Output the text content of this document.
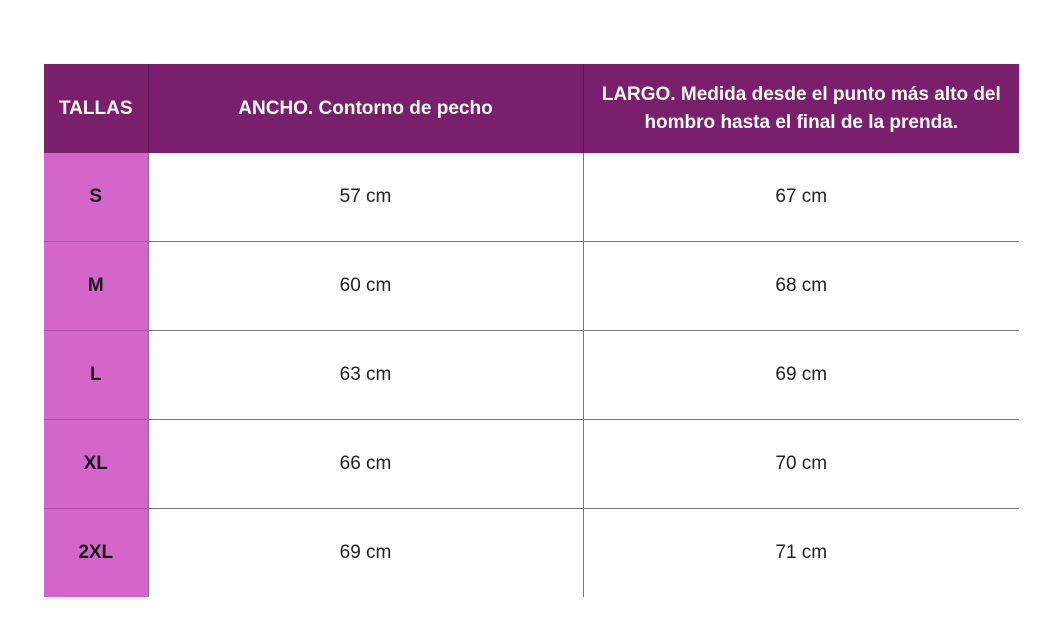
TALLAS	ANCHO. Contorno de pecho	LARGO. Medida desde el punto más alto del hombro hasta el final de la prenda.
S	57 cm	67 cm
M	60 cm	68 cm
L	63 cm	69 cm
XL	66 cm	70 cm
2XL	69 cm	71 cm
